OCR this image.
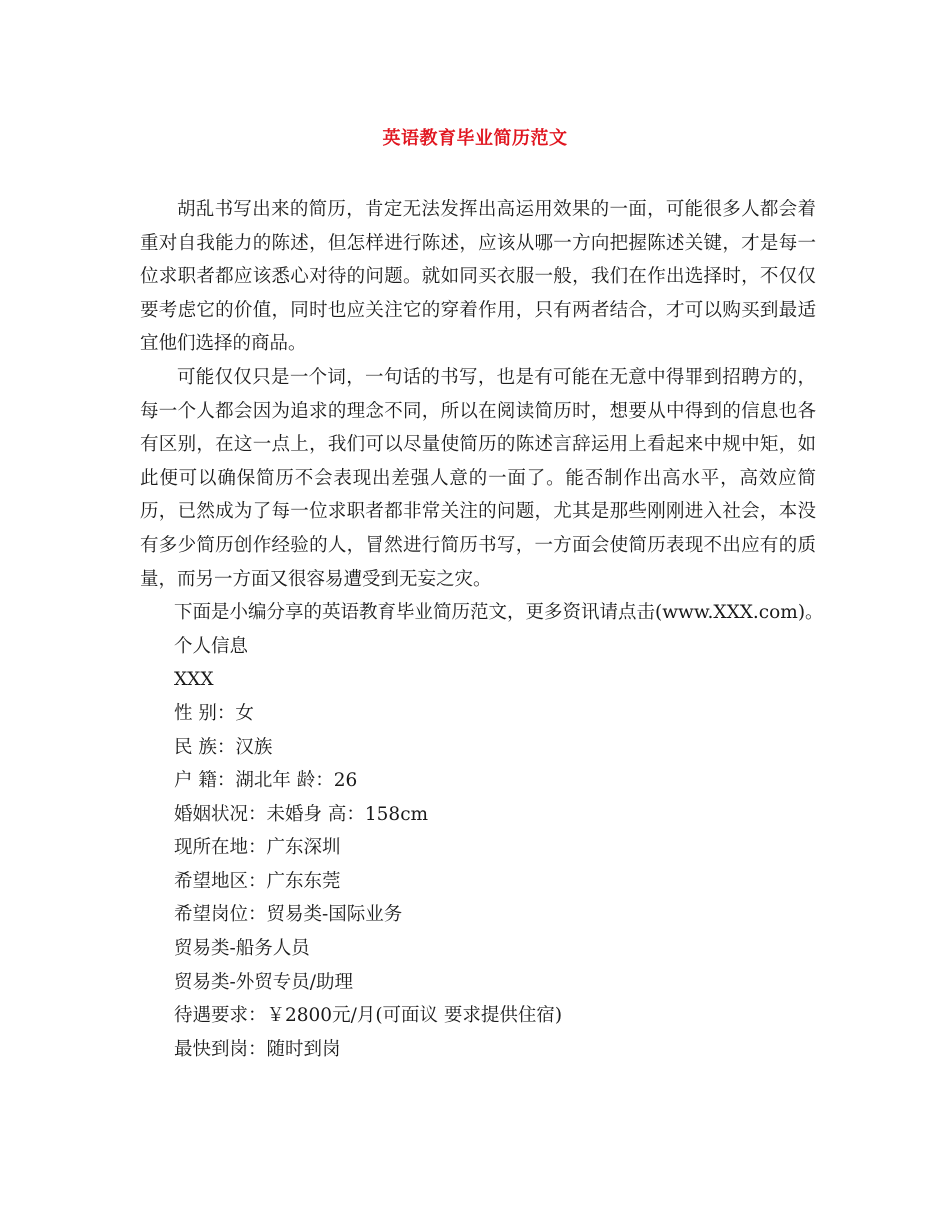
英语教育毕业简历范文

胡乱书写出来的简历，肯定无法发挥出高运用效果的一面，可能很多人都会着重对自我能力的陈述，但怎样进行陈述，应该从哪一方向把握陈述关键，才是每一位求职者都应该悉心对待的问题。就如同买衣服一般，我们在作出选择时，不仅仅要考虑它的价值，同时也应关注它的穿着作用，只有两者结合，才可以购买到最适宜他们选择的商品。

可能仅仅只是一个词，一句话的书写，也是有可能在无意中得罪到招聘方的，每一个人都会因为追求的理念不同，所以在阅读简历时，想要从中得到的信息也各有区别，在这一点上，我们可以尽量使简历的陈述言辞运用上看起来中规中矩，如此便可以确保简历不会表现出差强人意的一面了。能否制作出高水平，高效应简历，已然成为了每一位求职者都非常关注的问题，尤其是那些刚刚进入社会，本没有多少简历创作经验的人，冒然进行简历书写，一方面会使简历表现不出应有的质量，而另一方面又很容易遭受到无妄之灾。

下面是小编分享的英语教育毕业简历范文，更多资讯请点击(www.XXX.com)。

个人信息

XXX

性 别：女

民 族：汉族

户 籍：湖北年 龄：26

婚姻状况：未婚身 高：158cm

现所在地：广东深圳

希望地区：广东东莞

希望岗位：贸易类-国际业务

贸易类-船务人员

贸易类-外贸专员/助理

待遇要求：￥2800元/月(可面议 要求提供住宿)

最快到岗：随时到岗
